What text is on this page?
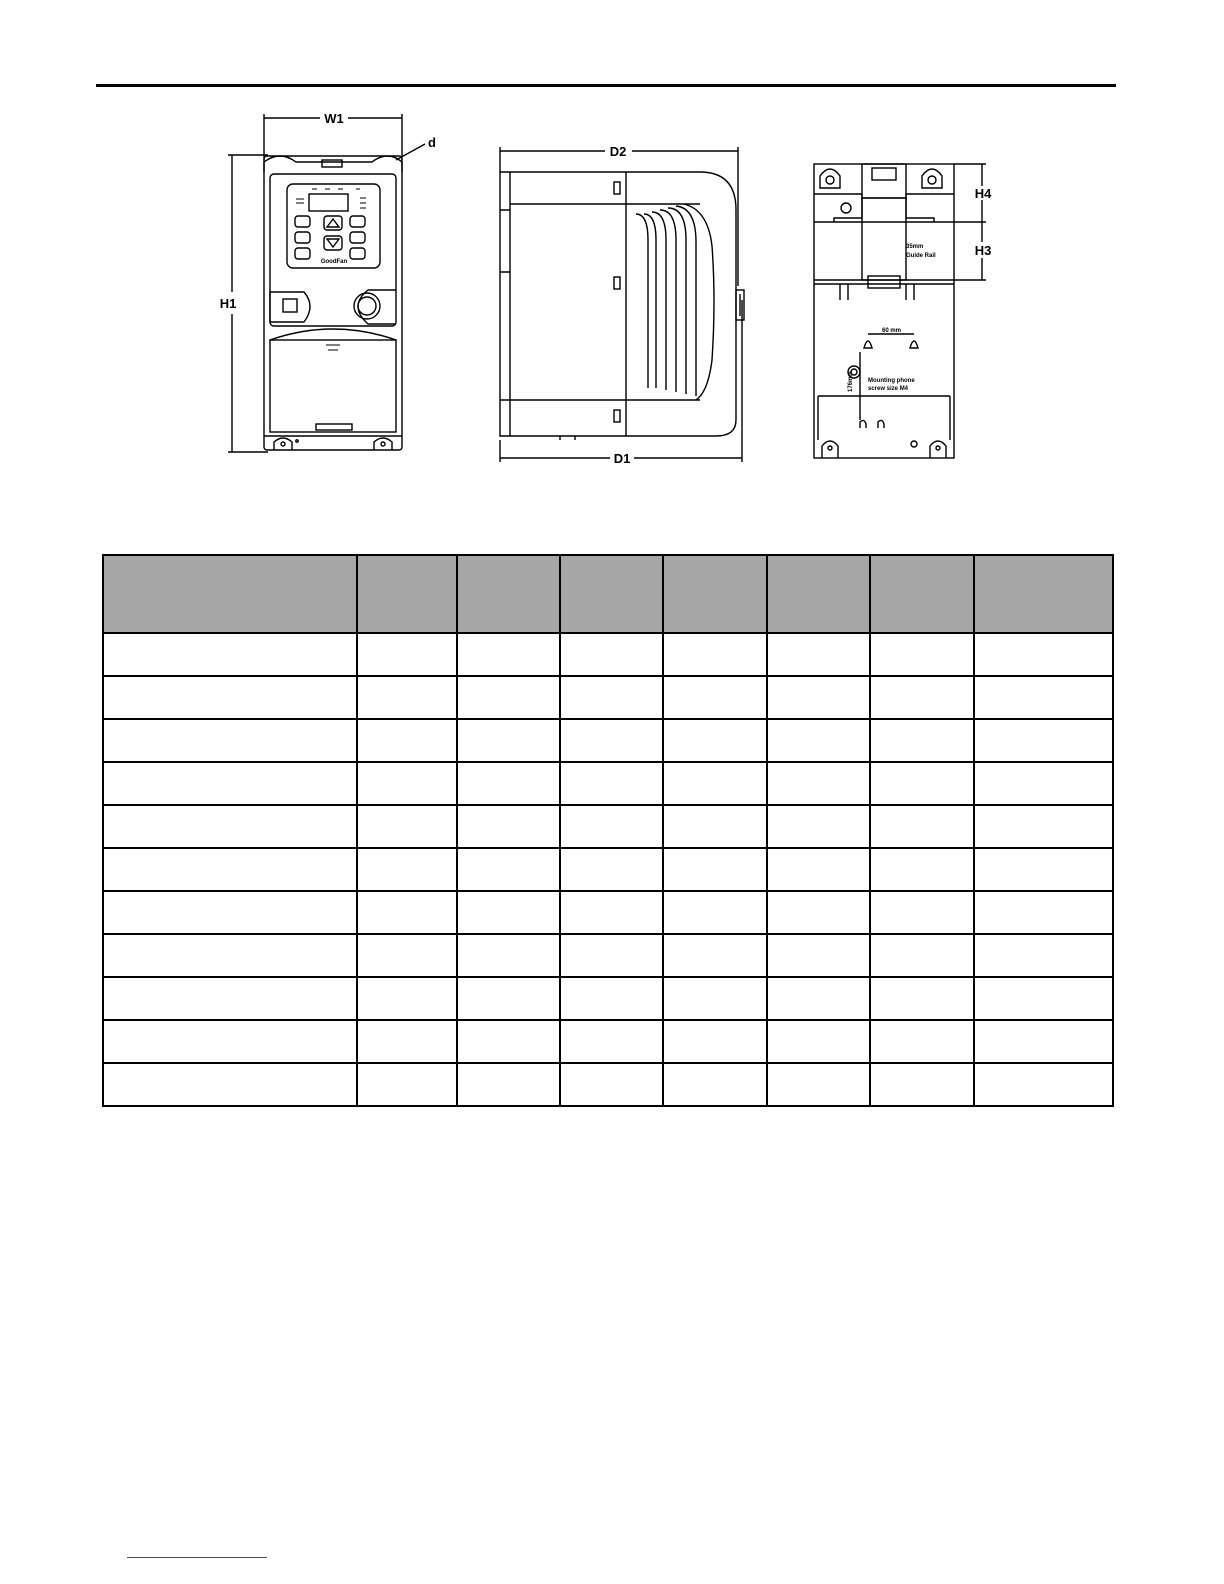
W1
H1
d
GoodFan
D2
D1
H4
H3
35mm
Guide Rail
60 mm
176mm Mounting phone
screw size M4
